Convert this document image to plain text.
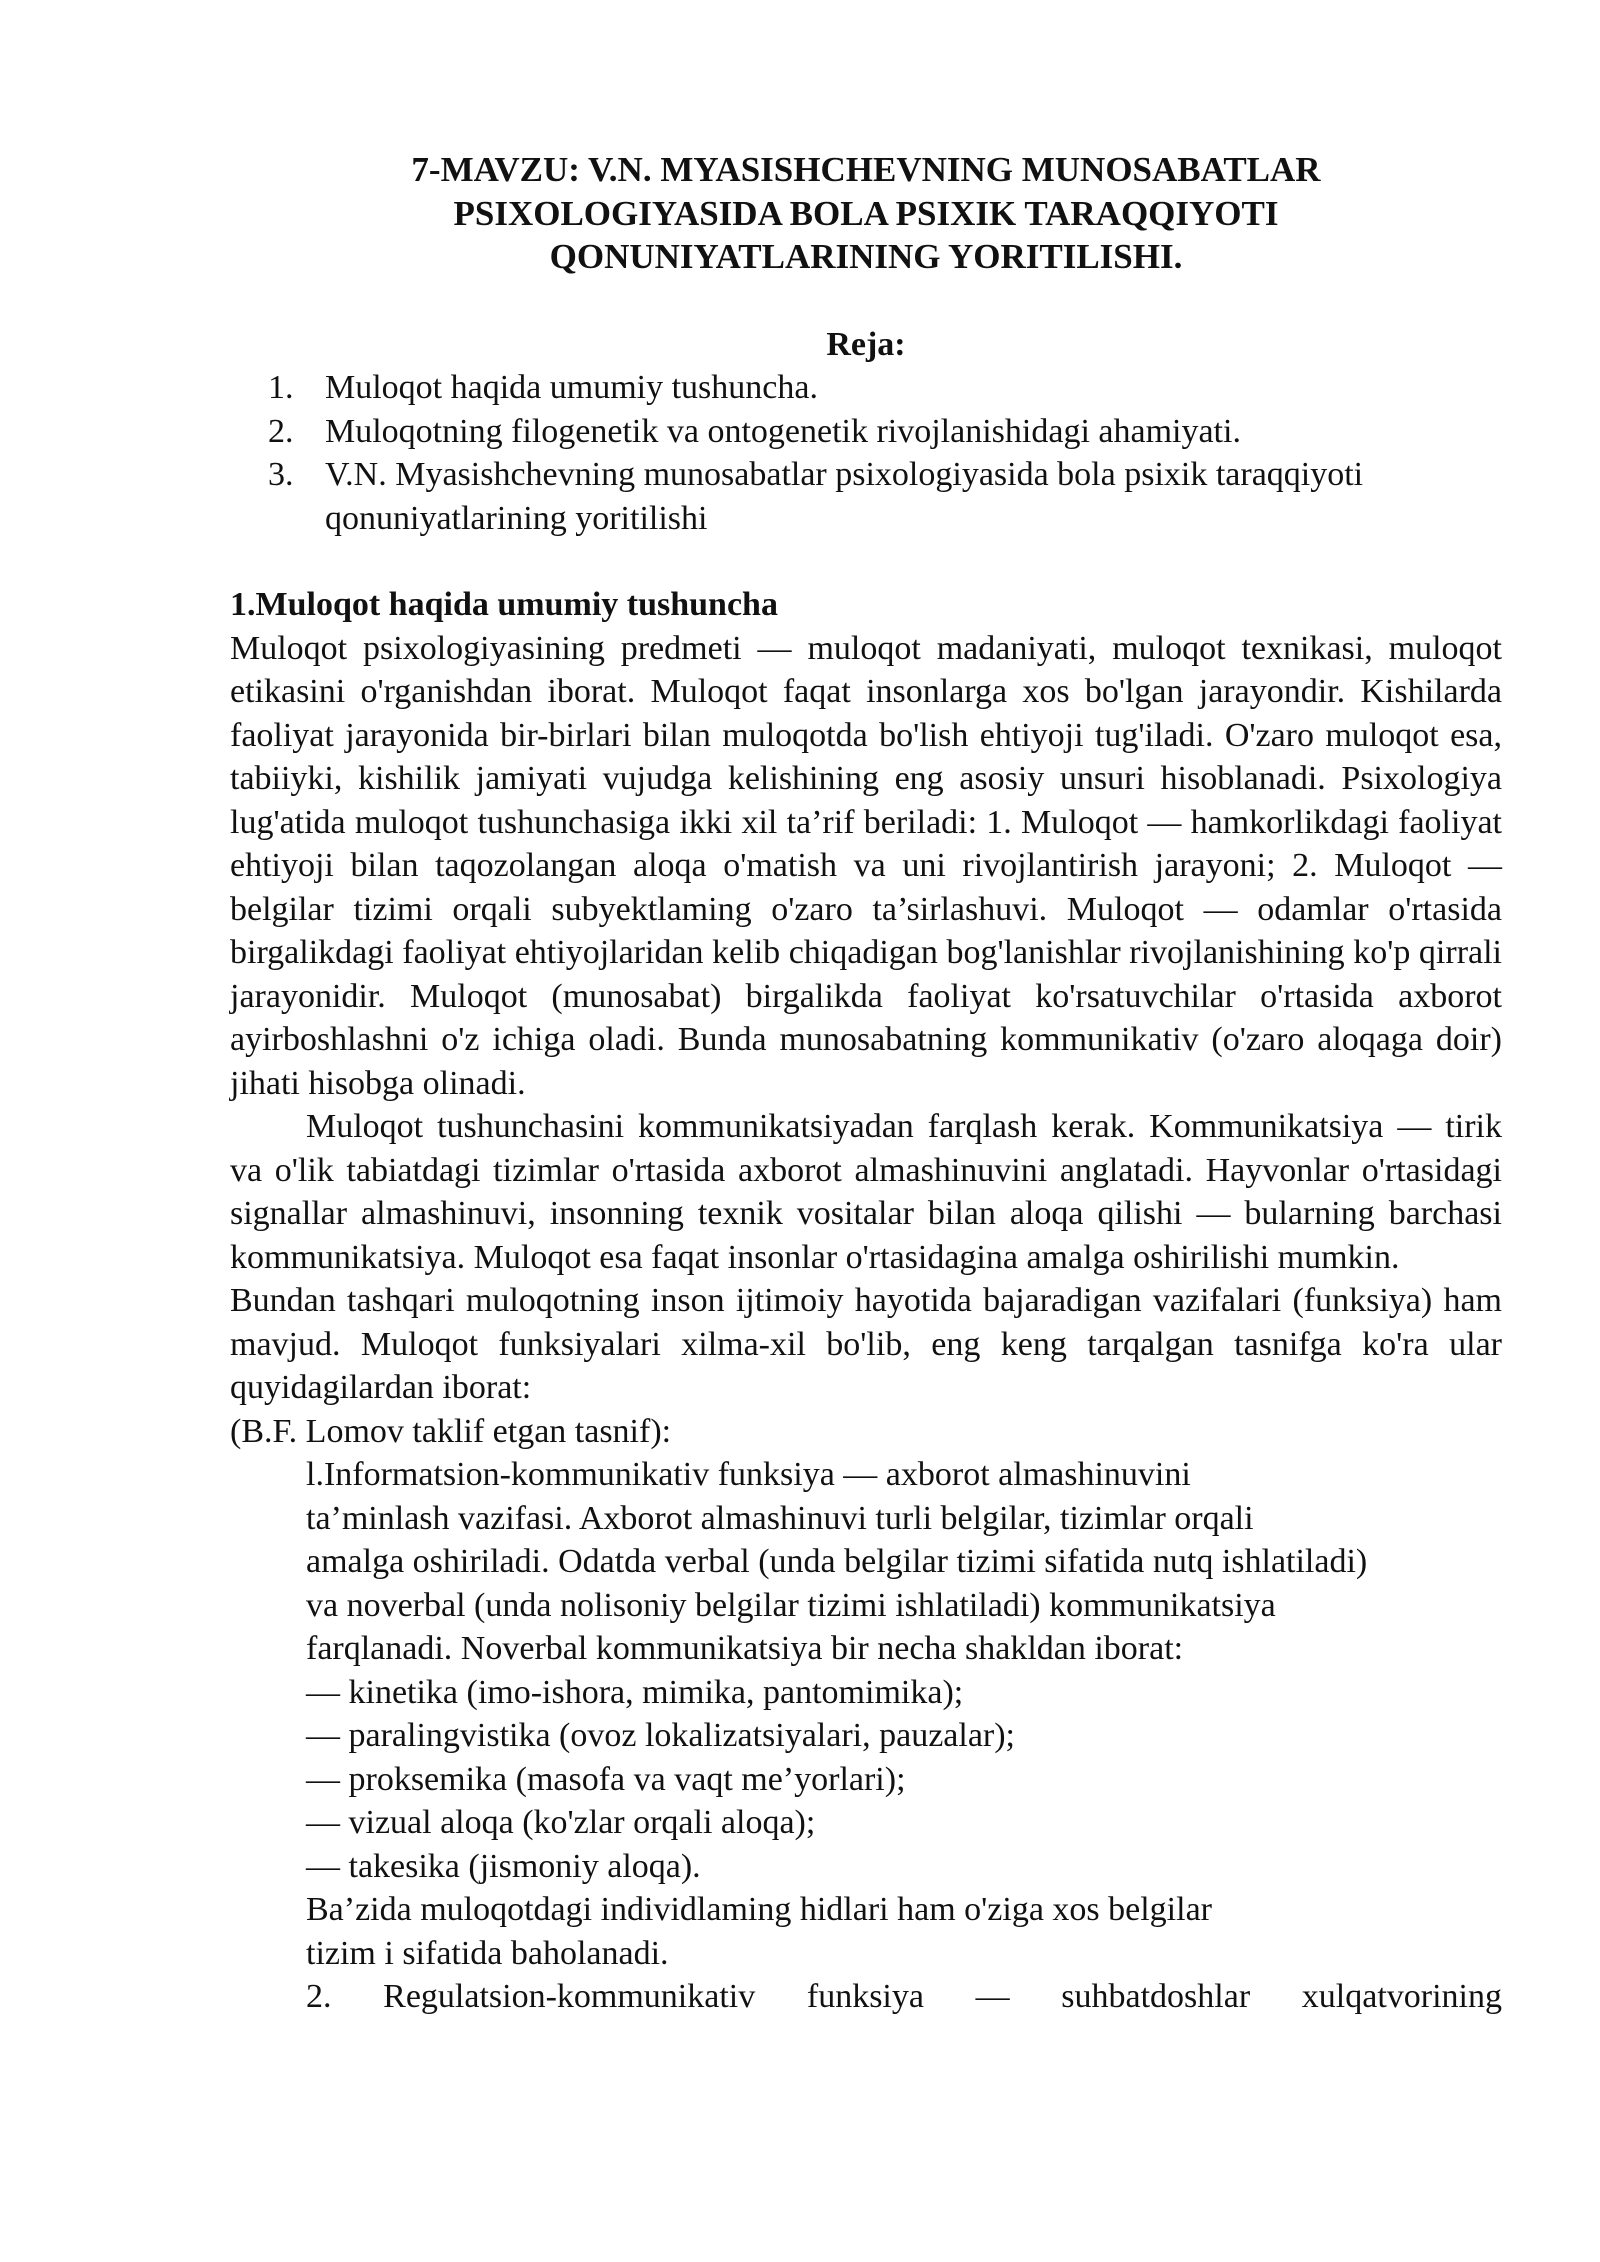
7-MAVZU: V.N. MYASISHCHEVNING MUNOSABATLAR
PSIXOLOGIYASIDA BOLA PSIXIK TARAQQIYOTI
QONUNIYATLARINING YORITILISHI.

Reja:

1. Muloqot haqida umumiy tushuncha.
2. Muloqotning filogenetik va ontogenetik rivojlanishidagi ahamiyati.
3. V.N. Myasishchevning munosabatlar psixologiyasida bola psixik taraqqiyoti qonuniyatlarining yoritilishi

1.Muloqot haqida umumiy tushuncha

Muloqot psixologiyasining predmeti — muloqot madaniyati, muloqot texnikasi, muloqot etikasini o'rganishdan iborat. Muloqot faqat insonlarga xos bo'lgan jarayondir. Kishilarda faoliyat jarayonida bir-birlari bilan muloqotda bo'lish ehtiyoji tug'iladi. O'zaro muloqot esa, tabiiyki, kishilik jamiyati vujudga kelishining eng asosiy unsuri hisoblanadi. Psixologiya lug'atida muloqot tushunchasiga ikki xil ta’rif beriladi: 1. Muloqot — hamkorlikdagi faoliyat ehtiyoji bilan taqozolangan aloqa o'matish va uni rivojlantirish jarayoni; 2. Muloqot — belgilar tizimi orqali subyektlaming o'zaro ta’sirlashuvi. Muloqot — odamlar o'rtasida birgalikdagi faoliyat ehtiyojlaridan kelib chiqadigan bog'lanishlar rivojlanishining ko'p qirrali jarayonidir. Muloqot (munosabat) birgalikda faoliyat ko'rsatuvchilar o'rtasida axborot ayirboshlashni o'z ichiga oladi. Bunda munosabatning kommunikativ (o'zaro aloqaga doir) jihati hisobga olinadi.

Muloqot tushunchasini kommunikatsiyadan farqlash kerak. Kommunikatsiya — tirik va o'lik tabiatdagi tizimlar o'rtasida axborot almashinuvini anglatadi. Hayvonlar o'rtasidagi signallar almashinuvi, insonning texnik vositalar bilan aloqa qilishi — bularning barchasi kommunikatsiya. Muloqot esa faqat insonlar o'rtasidagina amalga oshirilishi mumkin.

Bundan tashqari muloqotning inson ijtimoiy hayotida bajaradigan vazifalari (funksiya) ham mavjud. Muloqot funksiyalari xilma-xil bo'lib, eng keng tarqalgan tasnifga ko'ra ular quyidagilardan iborat:

(B.F. Lomov taklif etgan tasnif):

l.Informatsion-kommunikativ funksiya — axborot almashinuvini

ta’minlash vazifasi. Axborot almashinuvi turli belgilar, tizimlar orqali

amalga oshiriladi. Odatda verbal (unda belgilar tizimi sifatida nutq ishlatiladi)

va noverbal (unda nolisoniy belgilar tizimi ishlatiladi) kommunikatsiya

farqlanadi. Noverbal kommunikatsiya bir necha shakldan iborat:

— kinetika (imo-ishora, mimika, pantomimika);

— paralingvistika (ovoz lokalizatsiyalari, pauzalar);

— proksemika (masofa va vaqt me’yorlari);

— vizual aloqa (ko'zlar orqali aloqa);

— takesika (jismoniy aloqa).

Ba’zida muloqotdagi individlaming hidlari ham o'ziga xos belgilar

tizim i sifatida baholanadi.

2. Regulatsion-kommunikativ funksiya — suhbatdoshlar xulqatvorining
